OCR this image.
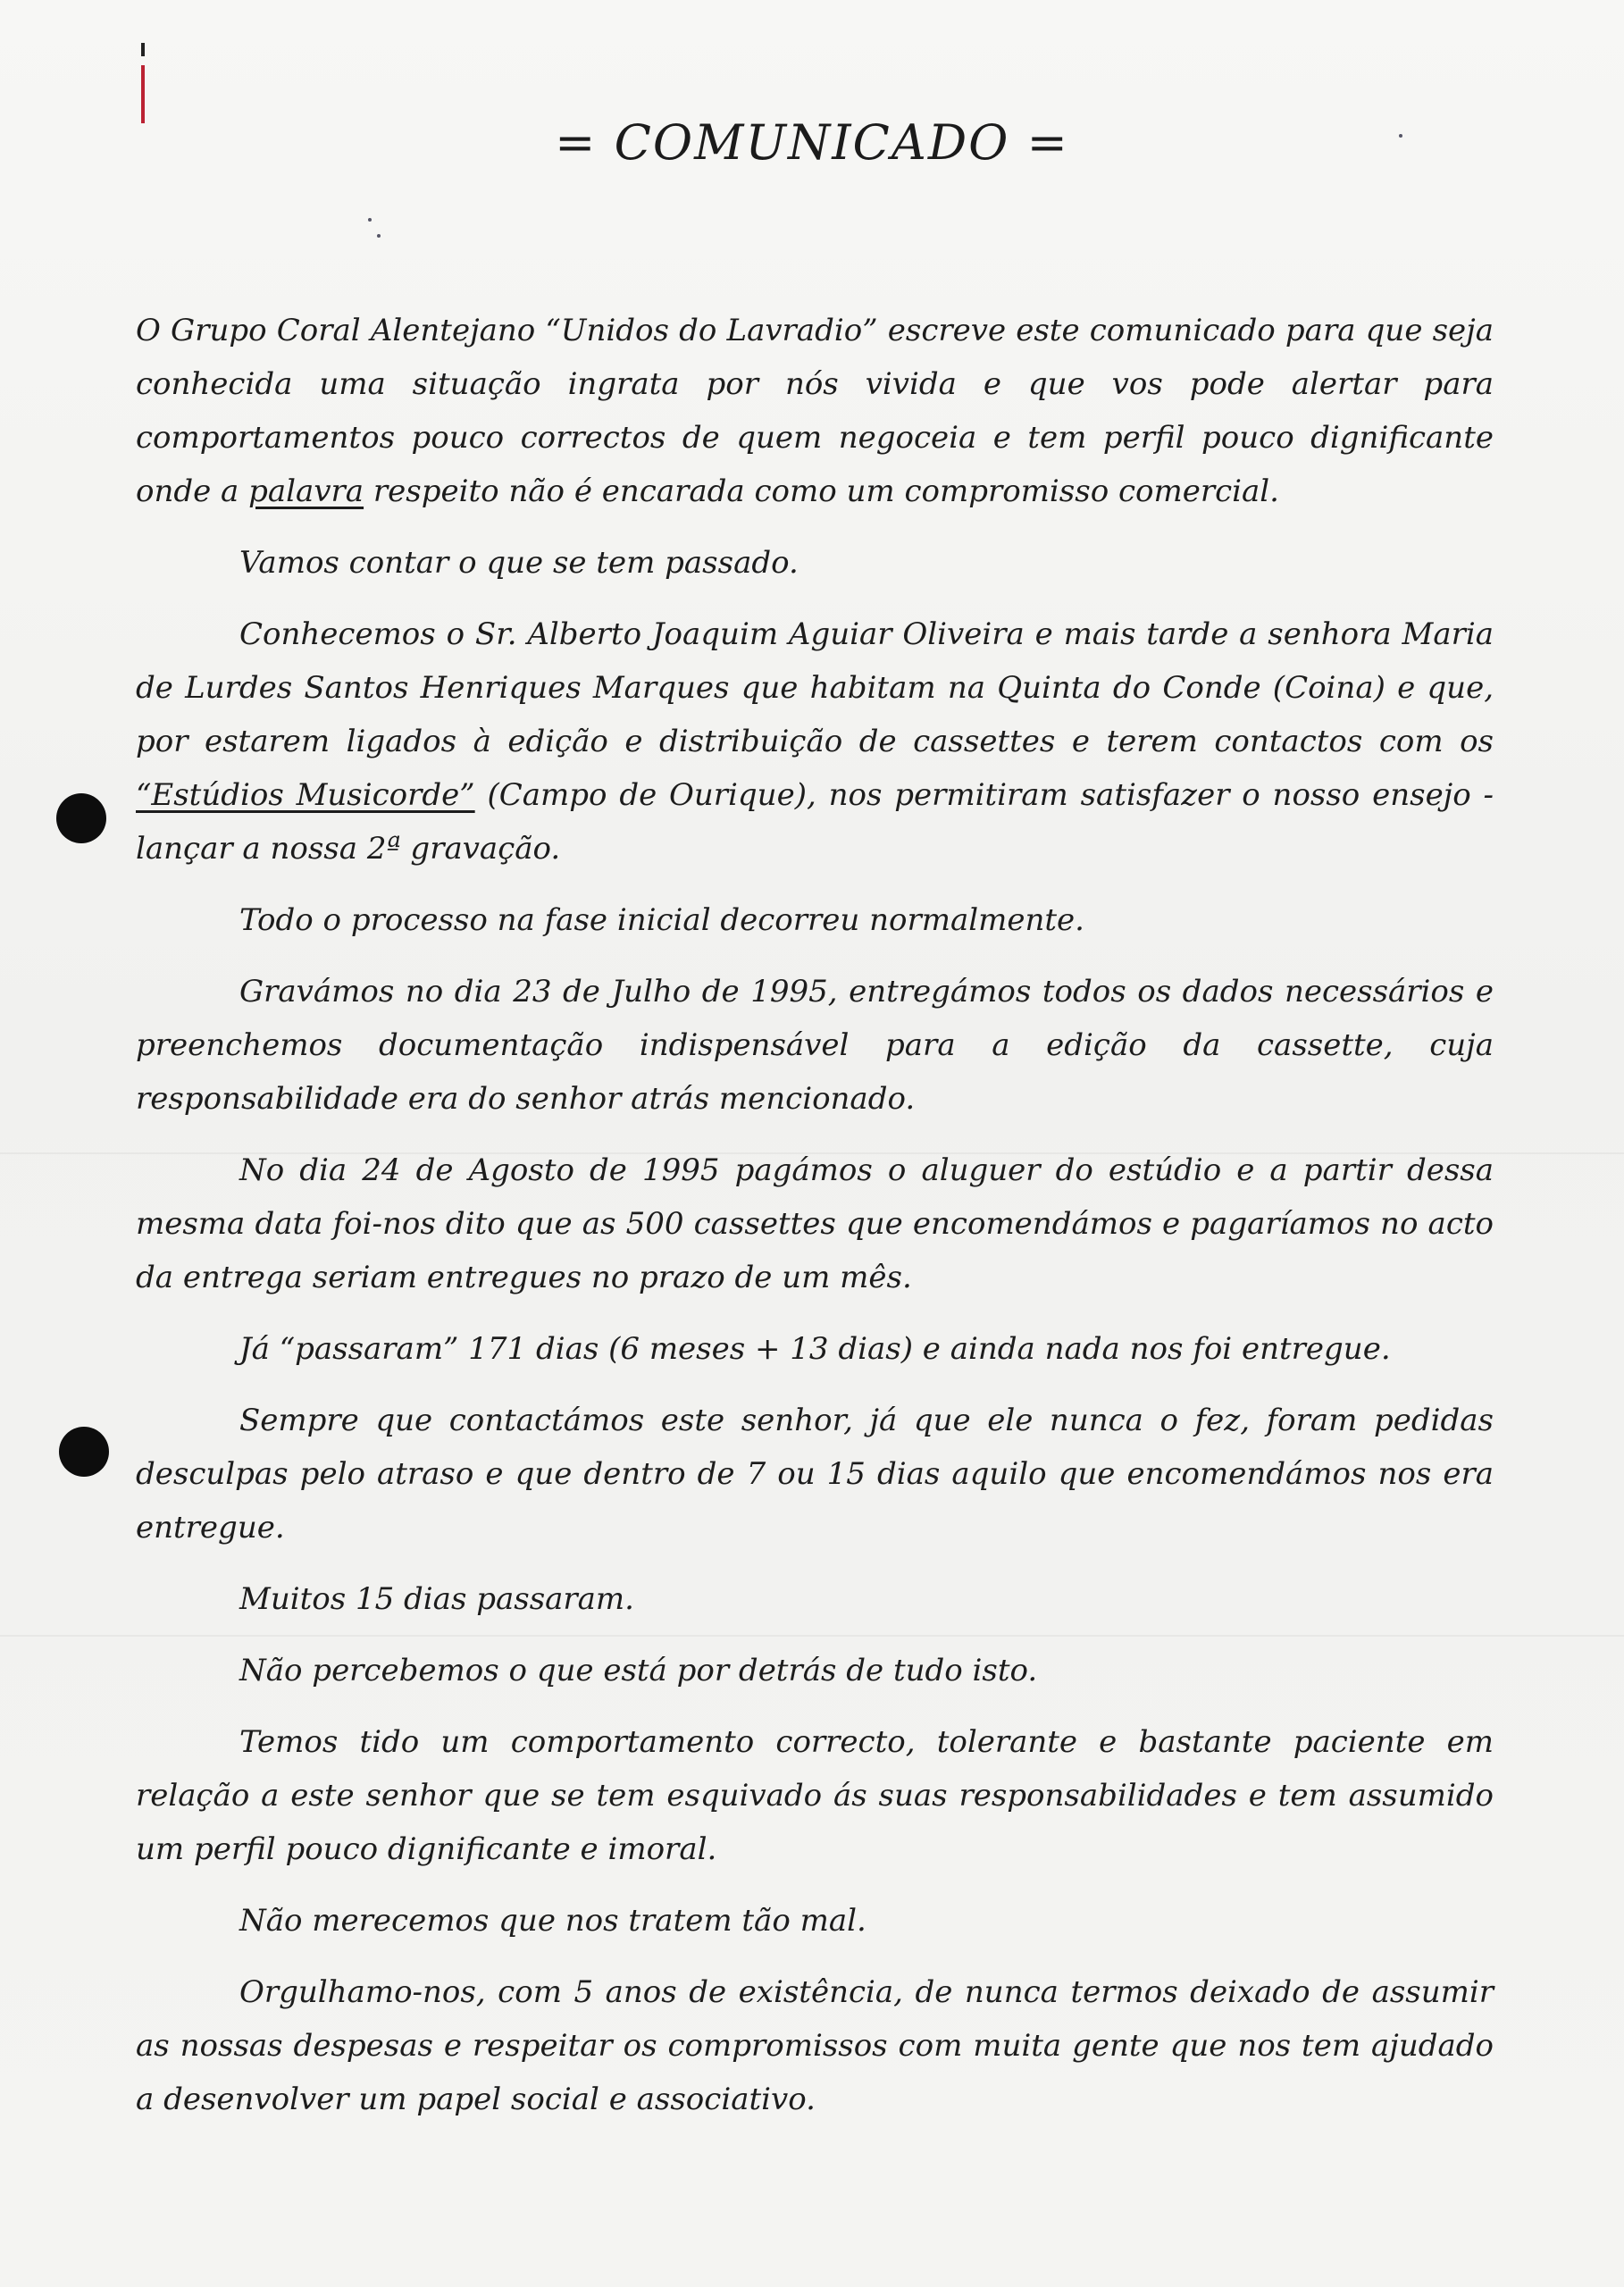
= COMUNICADO =

O Grupo Coral Alentejano “Unidos do Lavradio” escreve este comunicado para que seja conhecida uma situação ingrata por nós vivida e que vos pode alertar para comportamentos pouco correctos de quem negoceia e tem perfil pouco dignificante onde a palavra respeito não é encarada como um compromisso comercial.

Vamos contar o que se tem passado.

Conhecemos o Sr. Alberto Joaquim Aguiar Oliveira e mais tarde a senhora Maria de Lurdes Santos Henriques Marques que habitam na Quinta do Conde (Coina) e que, por estarem ligados à edição e distribuição de cassettes e terem contactos com os “Estúdios Musicorde” (Campo de Ourique), nos permitiram satisfazer o nosso ensejo - lançar a nossa 2ª gravação.

Todo o processo na fase inicial decorreu normalmente.

Gravámos no dia 23 de Julho de 1995, entregámos todos os dados necessários e preenchemos documentação indispensável para a edição da cassette, cuja responsabilidade era do senhor atrás mencionado.

No dia 24 de Agosto de 1995 pagámos o aluguer do estúdio e a partir dessa mesma data foi-nos dito que as 500 cassettes que encomendámos e pagaríamos no acto da entrega seriam entregues no prazo de um mês.

Já “passaram” 171 dias (6 meses + 13 dias) e ainda nada nos foi entregue.

Sempre que contactámos este senhor, já que ele nunca o fez, foram pedidas desculpas pelo atraso e que dentro de 7 ou 15 dias aquilo que encomendámos nos era entregue.

Muitos 15 dias passaram.

Não percebemos o que está por detrás de tudo isto.

Temos tido um comportamento correcto, tolerante e bastante paciente em relação a este senhor que se tem esquivado ás suas responsabilidades e tem assumido um perfil pouco dignificante e imoral.

Não merecemos que nos tratem tão mal.

Orgulhamo-nos, com 5 anos de existência, de nunca termos deixado de assumir as nossas despesas e respeitar os compromissos com muita gente que nos tem ajudado a desenvolver um papel social e associativo.
